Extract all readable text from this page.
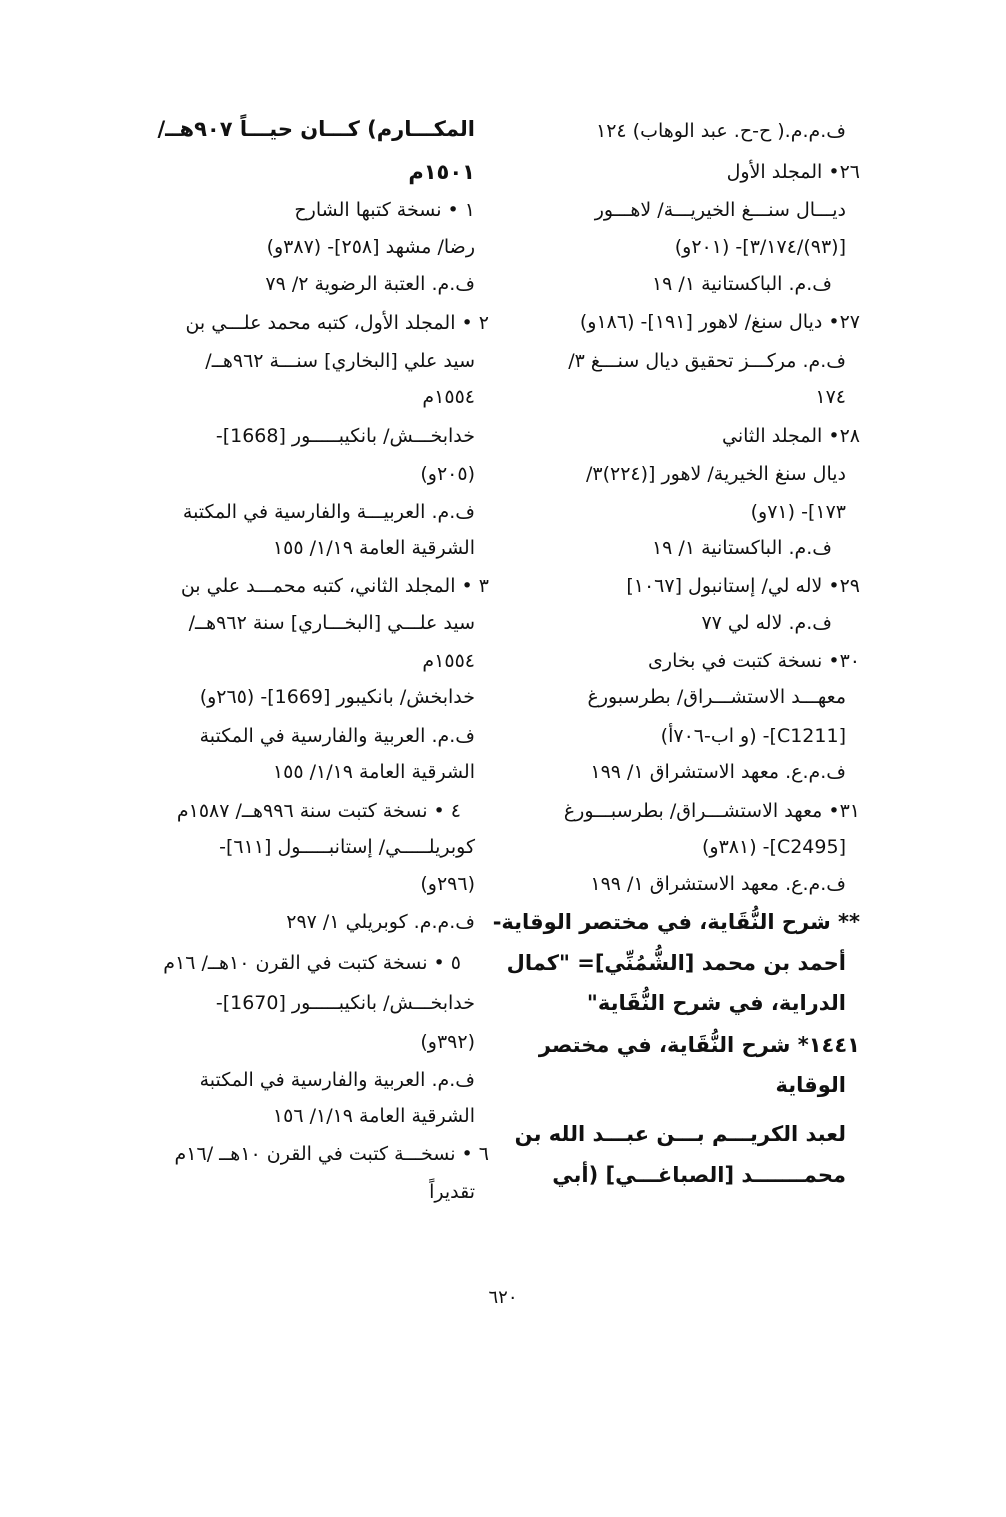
ف.م.م.( ح-ح. عبد الوهاب) ١٢٤
٢٦• المجلد الأول
ديـــال سنـــغ الخيريـــة/ لاهـــور
[(٩٣)/٣/١٧٤]- (٢٠١و)
ف.م. الباكستانية ١/ ١٩
٢٧• ديال سنغ/ لاهور [١٩١]- (١٨٦و)
ف.م. مركـــز تحقيق ديال سنـــغ ٣/
١٧٤
٢٨• المجلد الثاني
ديال سنغ الخيرية/ لاهور [(٢٢٤)٣/
١٧٣]- (٧١و)
ف.م. الباكستانية ١/ ١٩
٢٩• لاله لي/ إستانبول [١٠٦٧]
ف.م. لاله لي ٧٧
٣٠• نسخة كتبت في بخارى
معهـــد الاستشـــراق/ بطرسبورغ
[C1211]- (و اب-٧٠٦أ)
ف.م.ع. معهد الاستشراق ١/ ١٩٩
٣١• معهد الاستشـــراق/ بطرسبـــورغ
[C2495]- (٣٨١و)
ف.م.ع. معهد الاستشراق ١/ ١٩٩
** شرح النُّقَاية، في مختصر الوقاية-
أحمد بن محمد [الشُّمُنِّي]= "كمال
الدراية، في شرح النُّقَاية"
١٤٤١* شرح النُّقَاية، في مختصر
الوقاية
لعبد الكريـــم بـــن عبـــد الله بن
محمـــــــد [الصباغـــي] (أبي
المكـــارم) كـــان حيـــاً ٩٠٧هــ/
١٥٠١م
١ • نسخة كتبها الشارح
رضا/ مشهد [٢٥٨]- (٣٨٧و)
ف.م. العتبة الرضوية ٢/ ٧٩
٢ • المجلد الأول، كتبه محمد علـــي بن
سيد علي [البخاري] سنـــة ٩٦٢هــ/
١٥٥٤م
خدابخـــش/ بانكيبـــــور [1668]-
(٢٠٥و)
ف.م. العربيـــة والفارسية في المكتبة
الشرقية العامة ١/١٩/ ١٥٥
٣ • المجلد الثاني، كتبه محمـــد علي بن
سيد علـــي [البخـــاري] سنة ٩٦٢هــ/
١٥٥٤م
خدابخش/ بانكيبور [1669]- (٢٦٥و)
ف.م. العربية والفارسية في المكتبة
الشرقية العامة ١/١٩/ ١٥٥
٤ • نسخة كتبت سنة ٩٩٦هــ/ ١٥٨٧م
كوبريلـــــي/ إستانبـــــول [٦١١]-
(٢٩٦و)
ف.م.م. كوبريلي ١/ ٢٩٧
٥ • نسخة كتبت في القرن ١٠هــ/ ١٦م
خدابخـــش/ بانكيبـــــور [1670]-
(٣٩٢و)
ف.م. العربية والفارسية في المكتبة
الشرقية العامة ١/١٩/ ١٥٦
٦ • نسخـــة كتبت في القرن ١٠هــ /١٦م
تقديراً
٦٢٠
